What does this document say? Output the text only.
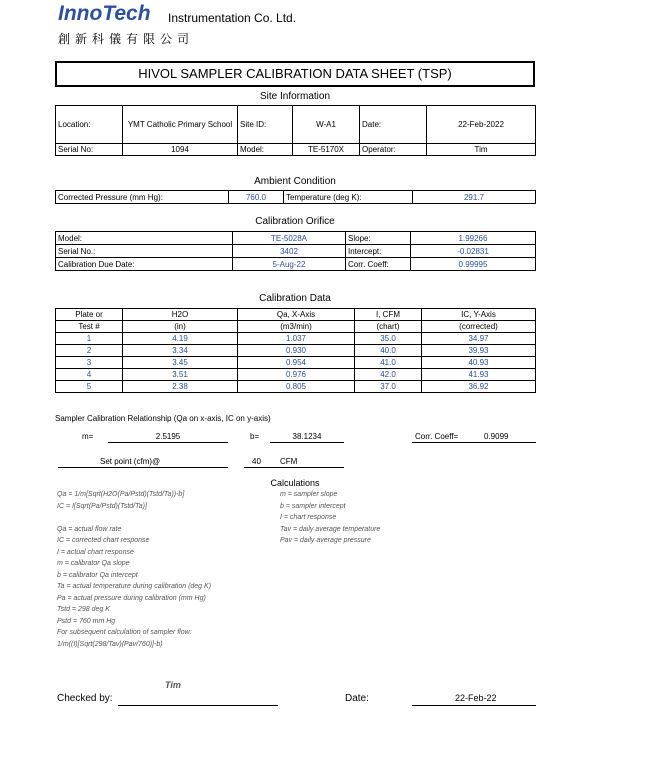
InnoTech Instrumentation Co. Ltd.
創新科儀有限公司
HIVOL SAMPLER CALIBRATION DATA SHEET (TSP)
Site Information
Location:	YMT Catholic Primary School	Site ID:	W-A1	Date:	22-Feb-2022
Serial No:	1094	Model:	TE-5170X	Operator:	Tim
Ambient Condition
Corrected Pressure (mm Hg):	760.0	Temperature (deg K):	291.7
Calibration Orifice
Model:	TE-5028A	Slope:	1.99266
Serial No.:	3402	Intercept:	-0.02831
Calibration Due Date:	5-Aug-22	Corr. Coeff:	0.99995
Calibration Data
Plate or	H2O	Qa, X-Axis	I, CFM	IC, Y-Axis
Test #	(in)	(m3/min)	(chart)	(corrected)
1	4.19	1.037	35.0	34.97
2	3.34	0.930	40.0	39.93
3	3.45	0.954	41.0	40.93
4	3.51	0.976	42.0	41.93
5	2.38	0.805	37.0	36.92
Sampler Calibration Relationship (Qa on x-axis, IC on y-axis)
m=	2.5195	b=	38.1234	Corr. Coeff=	0.9099
Set point (cfm)@	40 CFM
Calculations
Qa = 1/m[Sqrt(H2O(Pa/Pstd)(Tstd/Ta))-b]
IC = I[Sqrt(Pa/Pstd)(Tstd/Ta)]

Qa = actual flow rate
IC = corrected chart response
I = actual chart response
m = calibrator Qa slope
b = calibrator Qa intercept
Ta = actual temperature during calibration (deg K)
Pa = actual pressure during calibration (mm Hg)
Tstd = 298 deg K
Pstd = 760 mm Hg
For subsequent calculation of sampler flow:
1/m((I)[Sqrt(298/Tav)(Pav/760)]-b)
m = sampler slope
b = sampler intercept
I = chart response
Tav = daily average temperature
Pav = daily average pressure
Checked by:
Tim
Date:	22-Feb-22
